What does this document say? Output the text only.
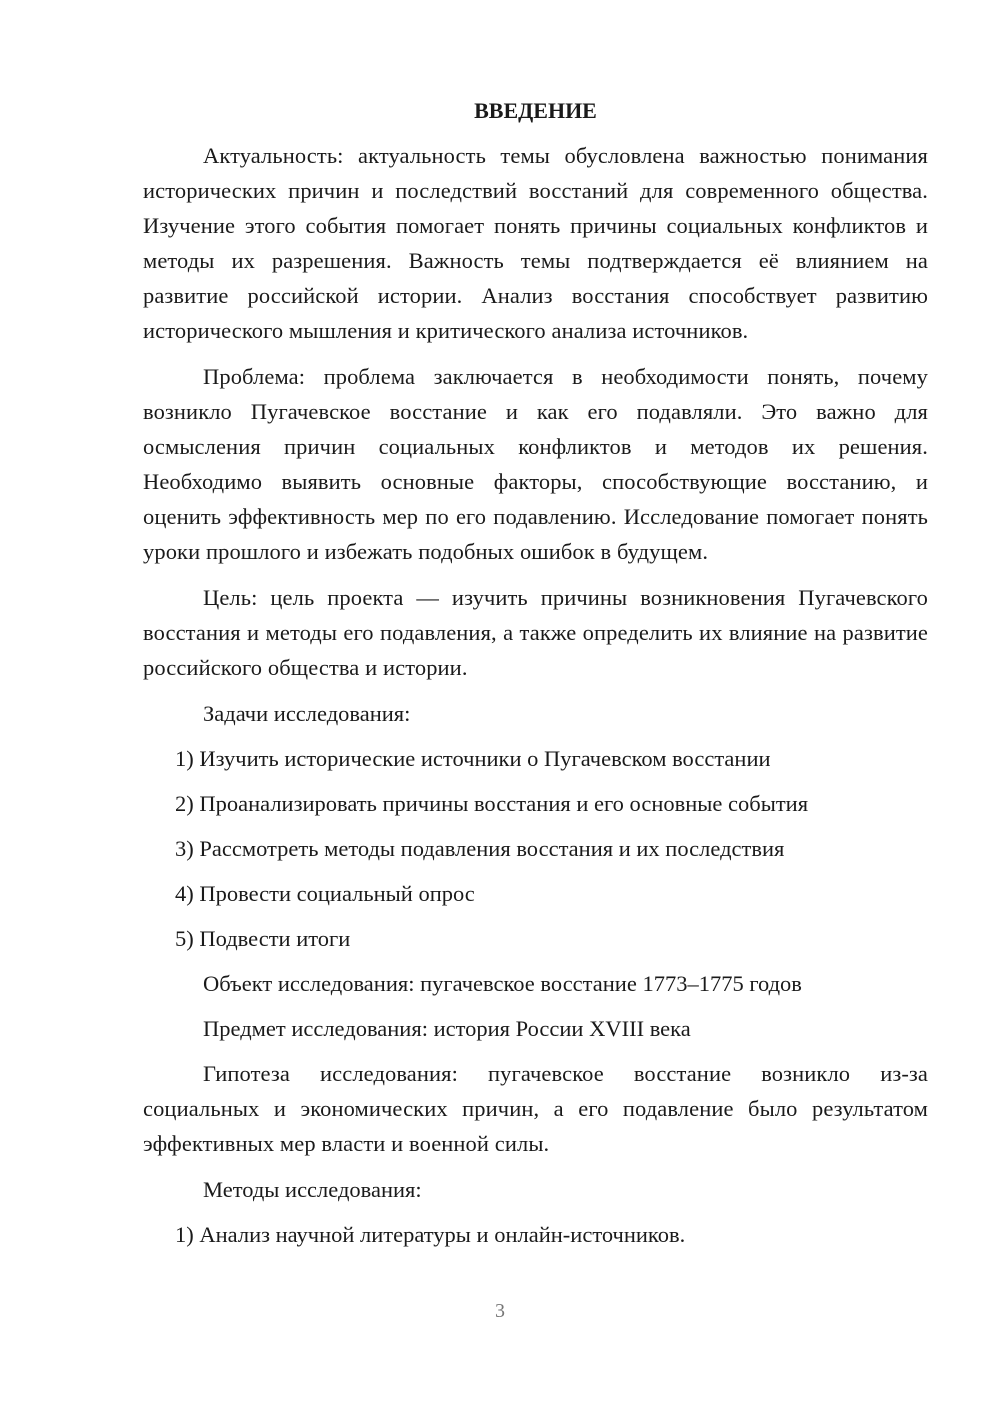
ВВЕДЕНИЕ

Актуальность: актуальность темы обусловлена важностью понимания исторических причин и последствий восстаний для современного общества. Изучение этого события помогает понять причины социальных конфликтов и методы их разрешения. Важность темы подтверждается её влиянием на развитие российской истории. Анализ восстания способствует развитию исторического мышления и критического анализа источников.

Проблема: проблема заключается в необходимости понять, почему возникло Пугачевское восстание и как его подавляли. Это важно для осмысления причин социальных конфликтов и методов их решения. Необходимо выявить основные факторы, способствующие восстанию, и оценить эффективность мер по его подавлению. Исследование помогает понять уроки прошлого и избежать подобных ошибок в будущем.

Цель: цель проекта — изучить причины возникновения Пугачевского восстания и методы его подавления, а также определить их влияние на развитие российского общества и истории.

Задачи исследования:
1) Изучить исторические источники о Пугачевском восстании
2) Проанализировать причины восстания и его основные события
3) Рассмотреть методы подавления восстания и их последствия
4) Провести социальный опрос
5) Подвести итоги
Объект исследования: пугачевское восстание 1773–1775 годов
Предмет исследования: история России XVIII века

Гипотеза исследования: пугачевское восстание возникло из-за социальных и экономических причин, а его подавление было результатом эффективных мер власти и военной силы.

Методы исследования:
1) Анализ научной литературы и онлайн-источников.
3
